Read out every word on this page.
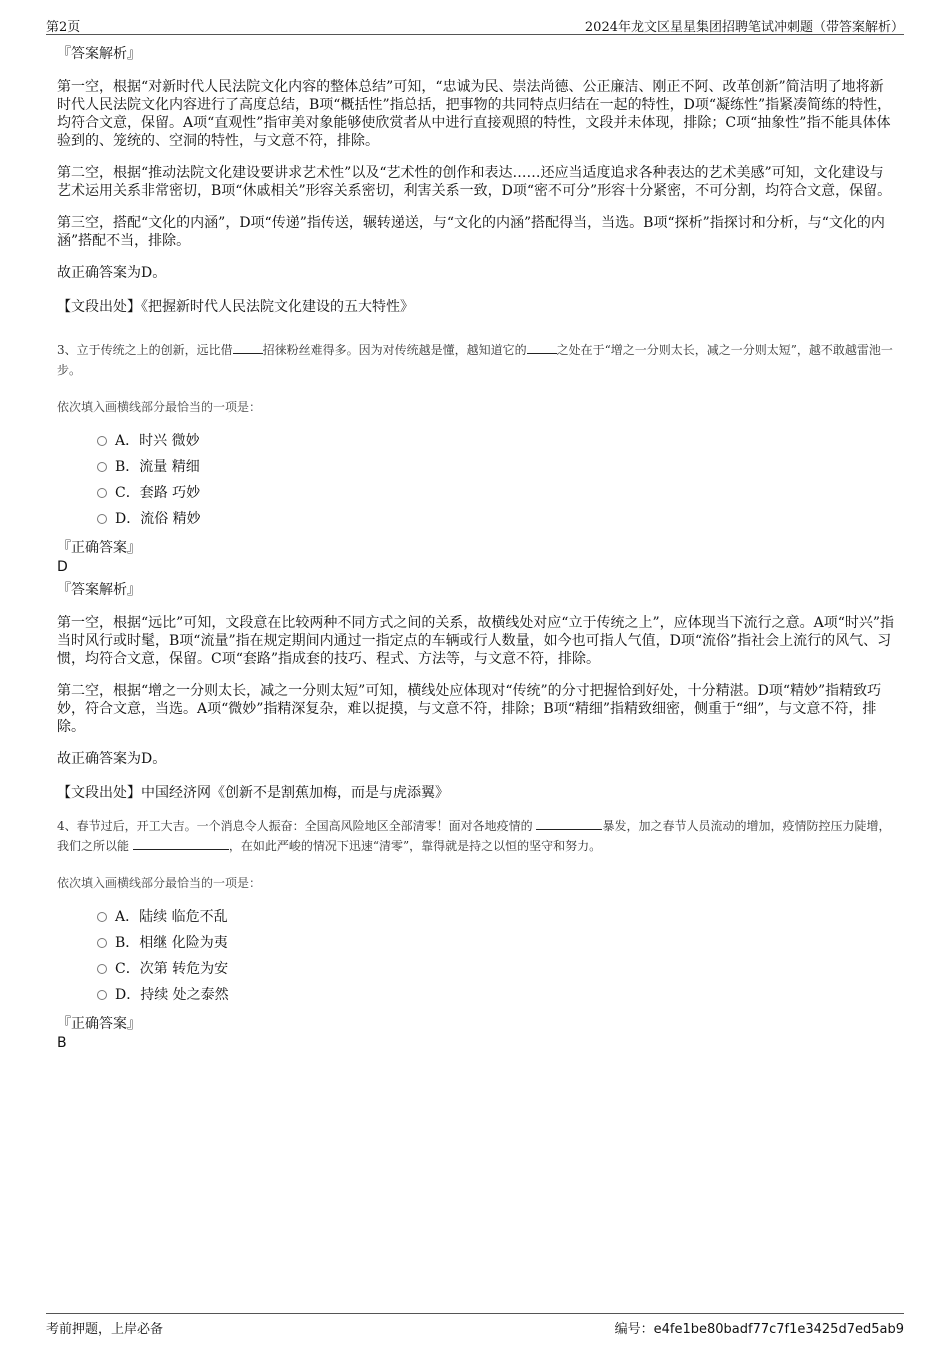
第2页	2024年龙文区星星集团招聘笔试冲刺题（带答案解析）

『答案解析』

第一空，根据“对新时代人民法院文化内容的整体总结”可知，“忠诚为民、崇法尚德、公正廉洁、刚正不阿、改革创新”简洁明了地将新时代人民法院文化内容进行了高度总结，B项“概括性”指总括，把事物的共同特点归结在一起的特性，D项“凝练性”指紧凑简练的特性，均符合文意，保留。A项“直观性”指审美对象能够使欣赏者从中进行直接观照的特性，文段并未体现，排除；C项“抽象性”指不能具体体验到的、笼统的、空洞的特性，与文意不符，排除。

第二空，根据“推动法院文化建设要讲求艺术性”以及“艺术性的创作和表达……还应当适度追求各种表达的艺术美感”可知，文化建设与艺术运用关系非常密切，B项“休戚相关”形容关系密切，利害关系一致，D项“密不可分”形容十分紧密，不可分割，均符合文意，保留。

第三空，搭配“文化的内涵”，D项“传递”指传送，辗转递送，与“文化的内涵”搭配得当，当选。B项“探析”指探讨和分析，与“文化的内涵”搭配不当，排除。

故正确答案为D。

【文段出处】《把握新时代人民法院文化建设的五大特性》

3、立于传统之上的创新，远比借	招徕粉丝难得多。因为对传统越是懂，越知道它的	之处在于“增之一分则太长，减之一分则太短”，越不敢越雷池一步。

依次填入画横线部分最恰当的一项是：

A．时兴 微妙
B．流量 精细
C．套路 巧妙
D．流俗 精妙

『正确答案』

D

『答案解析』

第一空，根据“远比”可知，文段意在比较两种不同方式之间的关系，故横线处对应“立于传统之上”，应体现当下流行之意。A项“时兴”指当时风行或时髦，B项“流量”指在规定期间内通过一指定点的车辆或行人数量，如今也可指人气值，D项“流俗”指社会上流行的风气、习惯，均符合文意，保留。C项“套路”指成套的技巧、程式、方法等，与文意不符，排除。

第二空，根据“增之一分则太长，减之一分则太短”可知，横线处应体现对“传统”的分寸把握恰到好处，十分精湛。D项“精妙”指精致巧妙，符合文意，当选。A项“微妙”指精深复杂，难以捉摸，与文意不符，排除；B项“精细”指精致细密，侧重于“细”，与文意不符，排除。

故正确答案为D。

【文段出处】中国经济网《创新不是割蕉加梅，而是与虎添翼》

4、春节过后，开工大吉。一个消息令人振奋：全国高风险地区全部清零！面对各地疫情的	暴发，加之春节人员流动的增加，疫情防控压力陡增，我们之所以能	，在如此严峻的情况下迅速“清零”，靠得就是持之以恒的坚守和努力。

依次填入画横线部分最恰当的一项是：

A．陆续 临危不乱
B．相继 化险为夷
C．次第 转危为安
D．持续 处之泰然

『正确答案』

B

考前押题，上岸必备	编号：e4fe1be80badf77c7f1e3425d7ed5ab9
